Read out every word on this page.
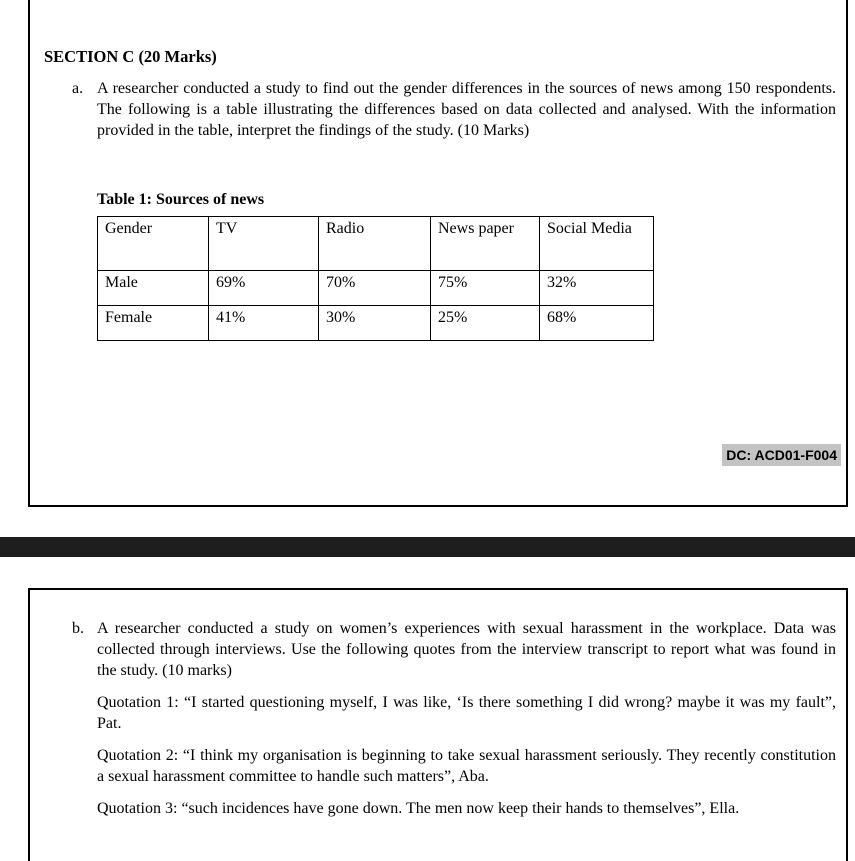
SECTION C (20 Marks)
a. A researcher conducted a study to find out the gender differences in the sources of news among 150 respondents. The following is a table illustrating the differences based on data collected and analysed. With the information provided in the table, interpret the findings of the study. (10 Marks)

Table 1: Sources of news
Gender	TV	Radio	News paper	Social Media
Male	69%	70%	75%	32%
Female	41%	30%	25%	68%
DC: ACD01-F004
b. A researcher conducted a study on women’s experiences with sexual harassment in the workplace. Data was collected through interviews. Use the following quotes from the interview transcript to report what was found in the study. (10 marks)

Quotation 1: “I started questioning myself, I was like, ‘Is there something I did wrong? maybe it was my fault”, Pat.

Quotation 2: “I think my organisation is beginning to take sexual harassment seriously. They recently constitution a sexual harassment committee to handle such matters”, Aba.

Quotation 3: “such incidences have gone down. The men now keep their hands to themselves”, Ella.
